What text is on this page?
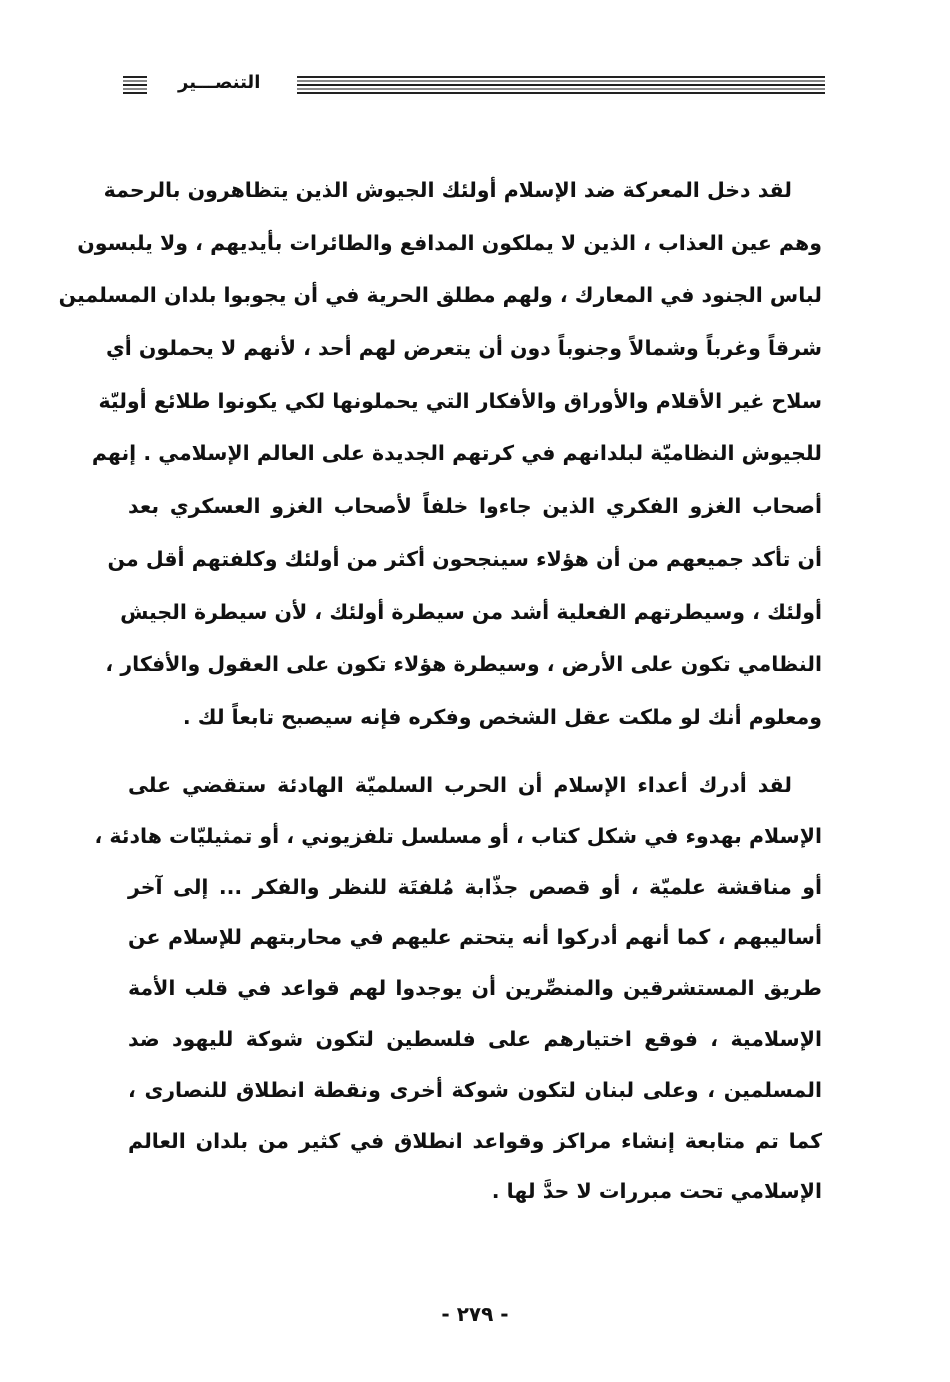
التنصـــير
لقد دخل المعركة ضد الإسلام أولئك الجيوش الذين يتظاهرون بالرحمة
وهم عين العذاب ، الذين لا يملكون المدافع والطائرات بأيديهم ، ولا يلبسون
لباس الجنود في المعارك ، ولهم مطلق الحرية في أن يجوبوا بلدان المسلمين
شرقاً وغرباً وشمالاً وجنوباً دون أن يتعرض لهم أحد ، لأنهم لا يحملون أي
سلاح غير الأقلام والأوراق والأفكار التي يحملونها لكي يكونوا طلائع أوليّة
للجيوش النظاميّة لبلدانهم في كرتهم الجديدة على العالم الإسلامي . إنهم
أصحاب الغزو الفكري الذين جاءوا خلفاً لأصحاب الغزو العسكري بعد
أن تأكد جميعهم من أن هؤلاء سينجحون أكثر من أولئك وكلفتهم أقل من
أولئك ، وسيطرتهم الفعلية أشد من سيطرة أولئك ، لأن سيطرة الجيش
النظامي تكون على الأرض ، وسيطرة هؤلاء تكون على العقول والأفكار ،
ومعلوم أنك لو ملكت عقل الشخص وفكره فإنه سيصبح تابعاً لك .
لقد أدرك أعداء الإسلام أن الحرب السلميّة الهادئة ستقضي على
الإسلام بهدوء في شكل كتاب ، أو مسلسل تلفزيوني ، أو تمثيليّات هادئة ،
أو مناقشة علميّة ، أو قصص جذّابة مُلفتَة للنظر والفكر ... إلى آخر
أساليبهم ، كما أنهم أدركوا أنه يتحتم عليهم في محاربتهم للإسلام عن
طريق المستشرقين والمنصِّرين أن يوجدوا لهم قواعد في قلب الأمة
الإسلامية ، فوقع اختيارهم على فلسطين لتكون شوكة لليهود ضد
المسلمين ، وعلى لبنان لتكون شوكة أخرى ونقطة انطلاق للنصارى ،
كما تم متابعة إنشاء مراكز وقواعد انطلاق في كثير من بلدان العالم
الإسلامي تحت مبررات لا حدَّ لها .
- ٢٧٩ -
